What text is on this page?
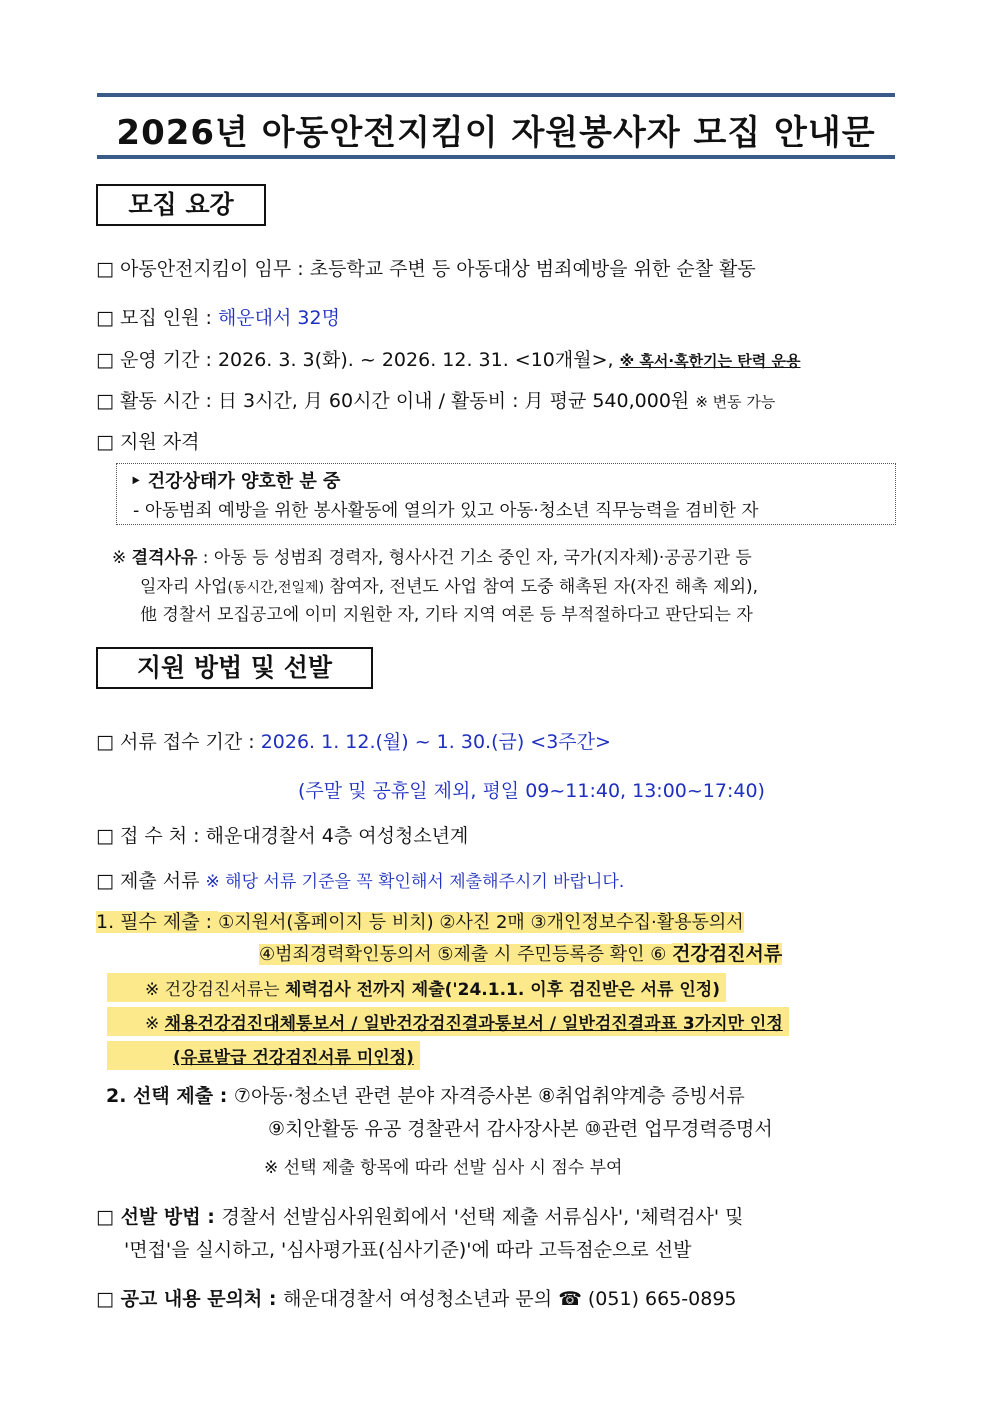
2026년 아동안전지킴이 자원봉사자 모집 안내문
모집 요강
□ 아동안전지킴이 임무 : 초등학교 주변 등 아동대상 범죄예방을 위한 순찰 활동
□ 모집 인원 : 해운대서 32명
□ 운영 기간 : 2026. 3. 3(화). ~ 2026. 12. 31. <10개월>, ※ 혹서·혹한기는 탄력 운용
□ 활동 시간 : 日 3시간, 月 60시간 이내 / 활동비 : 月 평균 540,000원 ※ 변동 가능
□ 지원 자격
‣ 건강상태가 양호한 분 중
- 아동범죄 예방을 위한 봉사활동에 열의가 있고 아동·청소년 직무능력을 겸비한 자
※ 결격사유 : 아동 등 성범죄 경력자, 형사사건 기소 중인 자, 국가(지자체)·공공기관 등
일자리 사업(동시간,전일제) 참여자, 전년도 사업 참여 도중 해촉된 자(자진 해촉 제외),
他 경찰서 모집공고에 이미 지원한 자, 기타 지역 여론 등 부적절하다고 판단되는 자
지원 방법 및 선발
□ 서류 접수 기간 : 2026. 1. 12.(월) ~ 1. 30.(금) <3주간>
(주말 및 공휴일 제외, 평일 09~11:40, 13:00~17:40)
□ 접 수 처 : 해운대경찰서 4층 여성청소년계
□ 제출 서류 ※ 해당 서류 기준을 꼭 확인해서 제출해주시기 바랍니다.
1. 필수 제출 : ①지원서(홈페이지 등 비치) ②사진 2매 ③개인정보수집·활용동의서
④범죄경력확인동의서 ⑤제출 시 주민등록증 확인 ⑥ 건강검진서류
※ 건강검진서류는 체력검사 전까지 제출('24.1.1. 이후 검진받은 서류 인정)
※ 채용건강검진대체통보서 / 일반건강검진결과통보서 / 일반검진결과표 3가지만 인정
(유료발급 건강검진서류 미인정)
2. 선택 제출 : ⑦아동·청소년 관련 분야 자격증사본 ⑧취업취약계층 증빙서류
⑨치안활동 유공 경찰관서 감사장사본 ⑩관련 업무경력증명서
※ 선택 제출 항목에 따라 선발 심사 시 점수 부여
□ 선발 방법 : 경찰서 선발심사위원회에서 '선택 제출 서류심사', '체력검사' 및
'면접'을 실시하고, '심사평가표(심사기준)'에 따라 고득점순으로 선발
□ 공고 내용 문의처 : 해운대경찰서 여성청소년과 문의 ☎ (051) 665-0895
